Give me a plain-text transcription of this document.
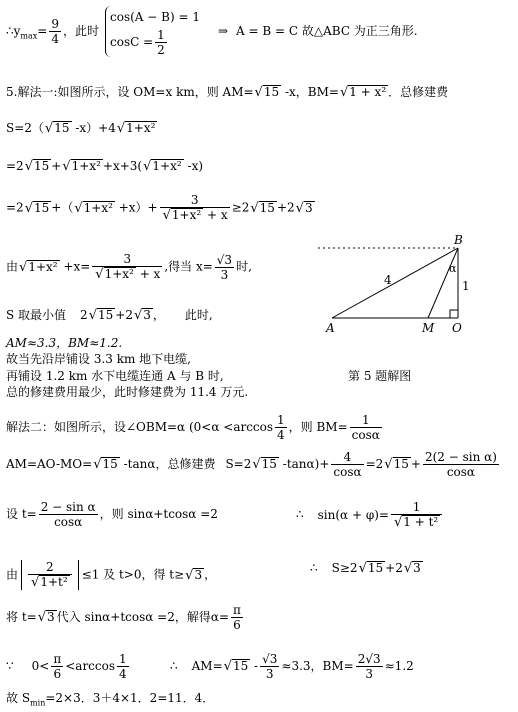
$\therefore y_{max}= \frac{9}{4}$ ，此时
cos(A − B) = 1
$\cos C = \frac{1}{2}$	⇒ A = B = C 故△ABC 为正三角形.
5.解法一:如图所示，设 OM=x km，则 AM=√15 -x，BM=√1 + x² ．总修建费
S=2（√15 -x）+4√1+x²
=2√15 +√1+x² +x+3(√1+x² -x)
$=2√15 +(√1+x^2 +x)+ \frac{3}{\text{√1+x² + x}} \ge 2√15 +2√3$
由$√1+x^2 +x= \frac{3}{\text{√1+x² + x}}$ ,得当 $x= \frac{√3}{3}$ 时,
S 取最小值 2√15 +2√3 ， 此时,
AM≈3.3，BM≈1.2.
故当先沿岸铺设 3.3 km 地下电缆,
再铺设 1.2 km 水下电缆连通 A 与 B 时,	第 5 题解图
总的修建费用最少，此时修建费为 11.4 万元.
解法二：如图所示，设∠OBM=α ($0<\alpha <\arccos \frac{1}{4}$ ，则 $BM= \frac{1}{\cos\alpha}$
AM=AO-MO=√15 -tanα，总修建费 S=2√15 $-\tan\alpha)+ \frac{4}{\cos\alpha} =2√15 + \frac{\text{2(2 − sin α)}}{\cos\alpha}$
设 $t= \frac{\text{2 − sin α}}{\cos\alpha}$ ，则 sinα+tcosα =2	∴ $\sin(\alpha + \varphi)= \frac{1}{\text{√1 + t²}}$
由 $\frac{2}{\text{√1+t²}} \le 1$ 及 t>0，得 t≥√3 ，	∴ S≥2√15 +2√3
将 t=√3 代入 sinα+tcosα =2，解得$\alpha= \frac{\pi}{6}$
∵ $0< \frac{\pi}{6} <\arccos \frac{1}{4}$	∴ $AM=√15 - \frac{√3}{3} \approx 3.3$，$BM= \frac{2√3}{3} \approx 1.2$
故 $S_{min}=2\times 3$．3＋4×1．2=11．4．
A
B
M O
4	1
α
